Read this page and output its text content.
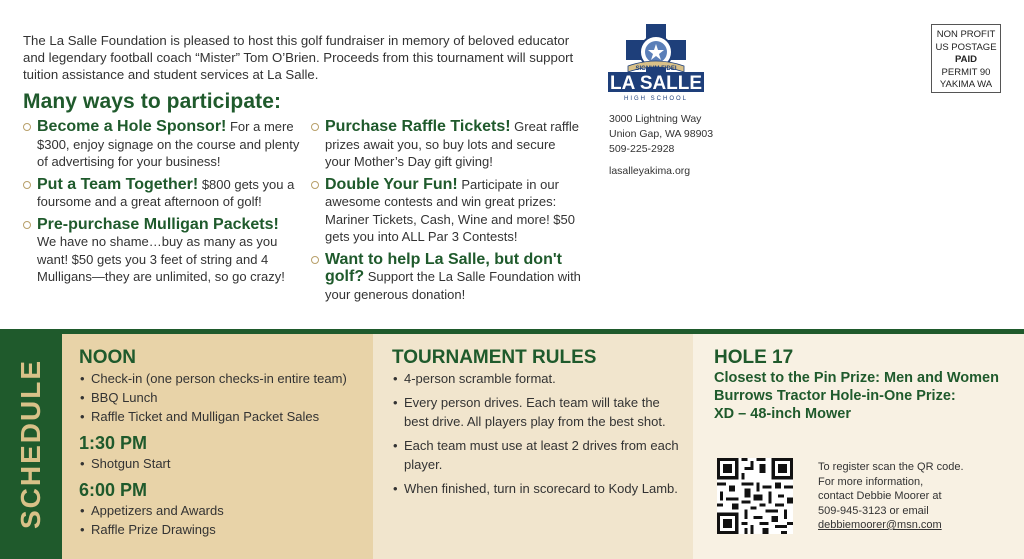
The La Salle Foundation is pleased to host this golf fundraiser in memory of beloved educator and legendary football coach “Mister” Tom O’Brien. Proceeds from this tournament will support tuition assistance and student services at La Salle.

Many ways to participate:
Become a Hole Sponsor! For a mere $300, enjoy signage on the course and plenty of advertising for your business!
Put a Team Together! $800 gets you a foursome and a great afternoon of golf!
Pre-purchase Mulligan Packets! We have no shame…buy as many as you want! $50 gets you 3 feet of string and 4 Mulligans—they are unlimited, so go crazy!
Purchase Raffle Tickets! Great raffle prizes await you, so buy lots and secure your Mother’s Day gift giving!
Double Your Fun! Participate in our awesome contests and win great prizes: Mariner Tickets, Cash, Wine and more! $50 gets you into ALL Par 3 Contests!
Want to help La Salle, but don't golf? Support the La Salle Foundation with your generous donation!
SIGNUM FIDEI
LA SALLE
HIGH SCHOOL
3000 Lightning Way
Union Gap, WA 98903
509-225-2928
lasalleyakima.org
NON PROFIT
US POSTAGE
PAID
PERMIT 90
YAKIMA WA
SCHEDULE
NOON
• Check-in (one person checks-in entire team)
• BBQ Lunch
• Raffle Ticket and Mulligan Packet Sales
1:30 PM
• Shotgun Start
6:00 PM
• Appetizers and Awards
• Raffle Prize Drawings
TOURNAMENT RULES
• 4-person scramble format.
• Every person drives. Each team will take the best drive. All players play from the best shot.
• Each team must use at least 2 drives from each player.
• When finished, turn in scorecard to Kody Lamb.
HOLE 17
Closest to the Pin Prize: Men and Women
Burrows Tractor Hole-in-One Prize:
XD – 48-inch Mower
To register scan the QR code.
For more information,
contact Debbie Moorer at
509-945-3123 or email
debbiemoorer@msn.com
